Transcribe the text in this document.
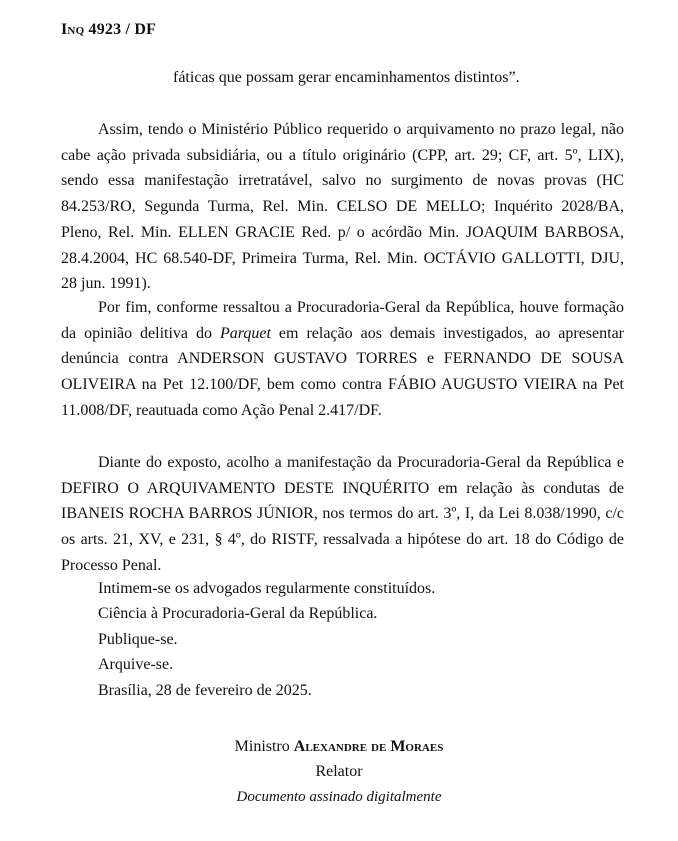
Inq 4923 / DF
fáticas que possam gerar encaminhamentos distintos”.

Assim, tendo o Ministério Público requerido o arquivamento no prazo legal, não cabe ação privada subsidiária, ou a título originário (CPP, art. 29; CF, art. 5º, LIX), sendo essa manifestação irretratável, salvo no surgimento de novas provas (HC 84.253/RO, Segunda Turma, Rel. Min. CELSO DE MELLO; Inquérito 2028/BA, Pleno, Rel. Min. ELLEN GRACIE Red. p/ o acórdão Min. JOAQUIM BARBOSA, 28.4.2004, HC 68.540-DF, Primeira Turma, Rel. Min. OCTÁVIO GALLOTTI, DJU, 28 jun. 1991).

Por fim, conforme ressaltou a Procuradoria-Geral da República, houve formação da opinião delitiva do Parquet em relação aos demais investigados, ao apresentar denúncia contra ANDERSON GUSTAVO TORRES e FERNANDO DE SOUSA OLIVEIRA na Pet 12.100/DF, bem como contra FÁBIO AUGUSTO VIEIRA na Pet 11.008/DF, reautuada como Ação Penal 2.417/DF.

Diante do exposto, acolho a manifestação da Procuradoria-Geral da República e DEFIRO O ARQUIVAMENTO DESTE INQUÉRITO em relação às condutas de IBANEIS ROCHA BARROS JÚNIOR, nos termos do art. 3º, I, da Lei 8.038/1990, c/c os arts. 21, XV, e 231, § 4º, do RISTF, ressalvada a hipótese do art. 18 do Código de Processo Penal.

Intimem-se os advogados regularmente constituídos.

Ciência à Procuradoria-Geral da República.

Publique-se.

Arquive-se.

Brasília, 28 de fevereiro de 2025.

Ministro Alexandre de Moraes

Relator

Documento assinado digitalmente
